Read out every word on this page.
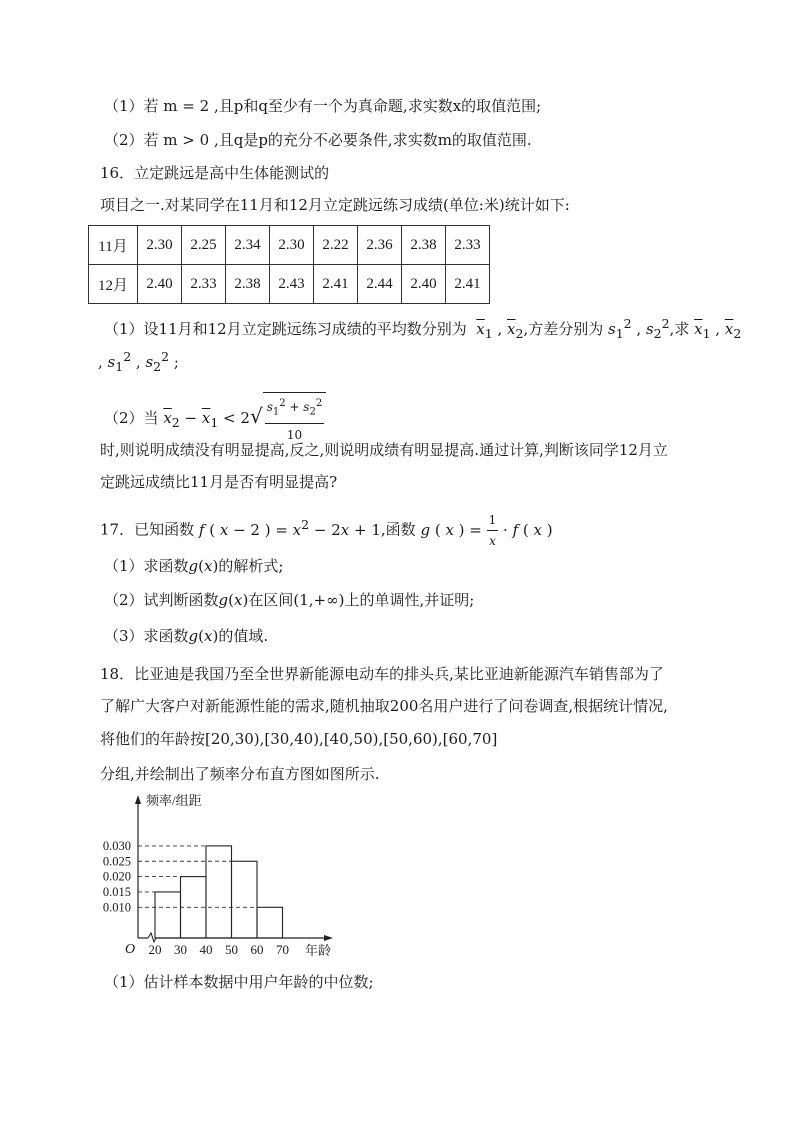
（1）若 m = 2 ,且p和q至少有一个为真命题,求实数x的取值范围;
（2）若 m > 0 ,且q是p的充分不必要条件,求实数m的取值范围.
16．立定跳远是高中生体能测试的
项目之一.对某同学在11月和12月立定跳远练习成绩(单位:米)统计如下:
11月	2.30	2.25	2.34	2.30	2.22	2.36	2.38	2.33
12月	2.40	2.33	2.38	2.43	2.41	2.44	2.40	2.41
（1）设11月和12月立定跳远练习成绩的平均数分别为 $\overline{x}_1$ , $\overline{x}_2$,方差分别为 $s_1^2$ , $s_2^2$,求 $\overline{x}_1$ , $\overline{x}_2$
, $s_1^2$ , $s_2^2$ ;
（2）当 $\overline{x}_2 - \overline{x}_1 < 2√ \frac{s_1^2 + s_2^2}{10}$
时,则说明成绩没有明显提高,反之,则说明成绩有明显提高.通过计算,判断该同学12月立
定跳远成绩比11月是否有明显提高?
17．已知函数 f ( x − 2 ) = $x^2 - 2x + 1$,函数 g ( x ) = $\frac{1}{x} \cdot f$ ( x )
（1）求函数g(x)的解析式;
（2）试判断函数g(x)在区间(1,+∞)上的单调性,并证明;
（3）求函数g(x)的值域.
18．比亚迪是我国乃至全世界新能源电动车的排头兵,某比亚迪新能源汽车销售部为了
了解广大客户对新能源性能的需求,随机抽取200名用户进行了问卷调查,根据统计情况,
将他们的年龄按[20,30),[30,40),[40,50),[50,60),[60,70]
分组,并绘制出了频率分布直方图如图所示.
0.030
0.025
0.020
0.015
0.010
20 30 40 50 60 70
O
频率/组距
年龄
（1）估计样本数据中用户年龄的中位数;
